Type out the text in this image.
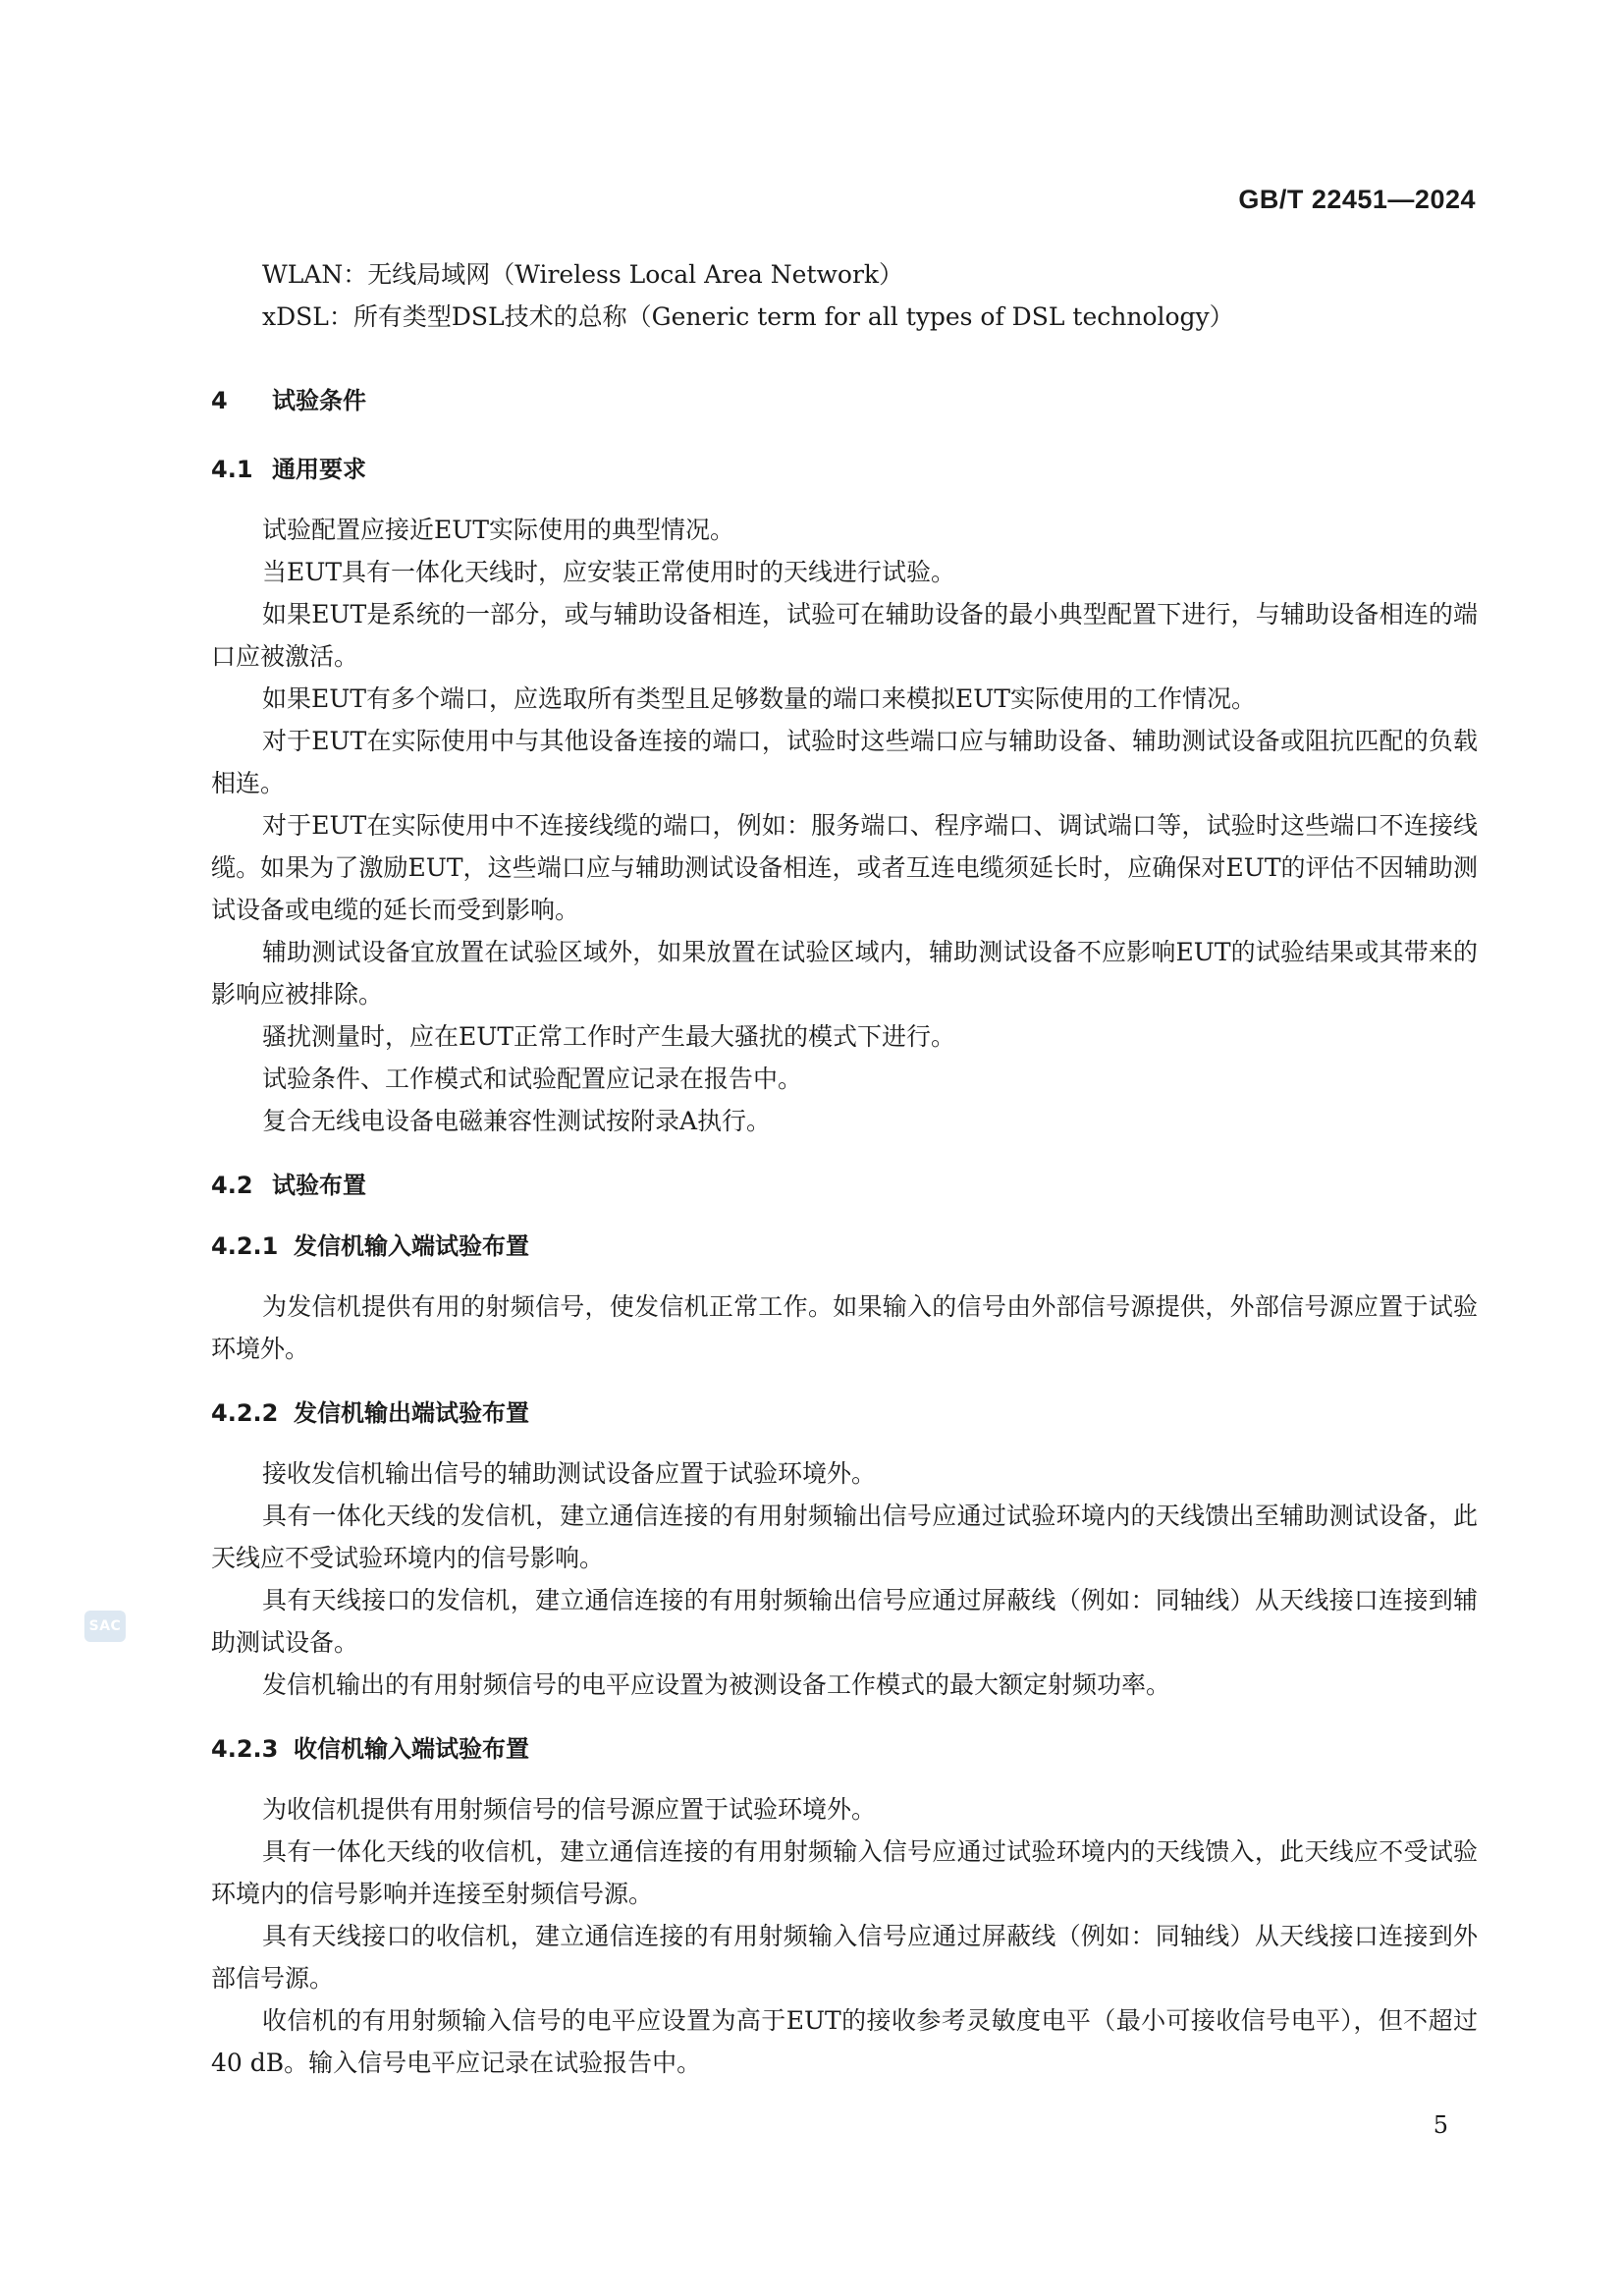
GB/T 22451—2024

WLAN：无线局域网（Wireless Local Area Network）

xDSL：所有类型DSL技术的总称（Generic term for all types of DSL technology）

4 试验条件
4.1 通用要求

试验配置应接近EUT实际使用的典型情况。

当EUT具有一体化天线时，应安装正常使用时的天线进行试验。

如果EUT是系统的一部分，或与辅助设备相连，试验可在辅助设备的最小典型配置下进行，与辅助设备相连的端口应被激活。

如果EUT有多个端口，应选取所有类型且足够数量的端口来模拟EUT实际使用的工作情况。

对于EUT在实际使用中与其他设备连接的端口，试验时这些端口应与辅助设备、辅助测试设备或阻抗匹配的负载相连。

对于EUT在实际使用中不连接线缆的端口，例如：服务端口、程序端口、调试端口等，试验时这些端口不连接线缆。如果为了激励EUT，这些端口应与辅助测试设备相连，或者互连电缆须延长时，应确保对EUT的评估不因辅助测试设备或电缆的延长而受到影响。

辅助测试设备宜放置在试验区域外，如果放置在试验区域内，辅助测试设备不应影响EUT的试验结果或其带来的影响应被排除。

骚扰测量时，应在EUT正常工作时产生最大骚扰的模式下进行。

试验条件、工作模式和试验配置应记录在报告中。

复合无线电设备电磁兼容性测试按附录A执行。

4.2 试验布置
4.2.1 发信机输入端试验布置

为发信机提供有用的射频信号，使发信机正常工作。如果输入的信号由外部信号源提供，外部信号源应置于试验环境外。

4.2.2 发信机输出端试验布置

接收发信机输出信号的辅助测试设备应置于试验环境外。

具有一体化天线的发信机，建立通信连接的有用射频输出信号应通过试验环境内的天线馈出至辅助测试设备，此天线应不受试验环境内的信号影响。

具有天线接口的发信机，建立通信连接的有用射频输出信号应通过屏蔽线（例如：同轴线）从天线接口连接到辅助测试设备。

发信机输出的有用射频信号的电平应设置为被测设备工作模式的最大额定射频功率。

4.2.3 收信机输入端试验布置

为收信机提供有用射频信号的信号源应置于试验环境外。

具有一体化天线的收信机，建立通信连接的有用射频输入信号应通过试验环境内的天线馈入，此天线应不受试验环境内的信号影响并连接至射频信号源。

具有天线接口的收信机，建立通信连接的有用射频输入信号应通过屏蔽线（例如：同轴线）从天线接口连接到外部信号源。

收信机的有用射频输入信号的电平应设置为高于EUT的接收参考灵敏度电平（最小可接收信号电平），但不超过40 dB。输入信号电平应记录在试验报告中。

SAC
5
